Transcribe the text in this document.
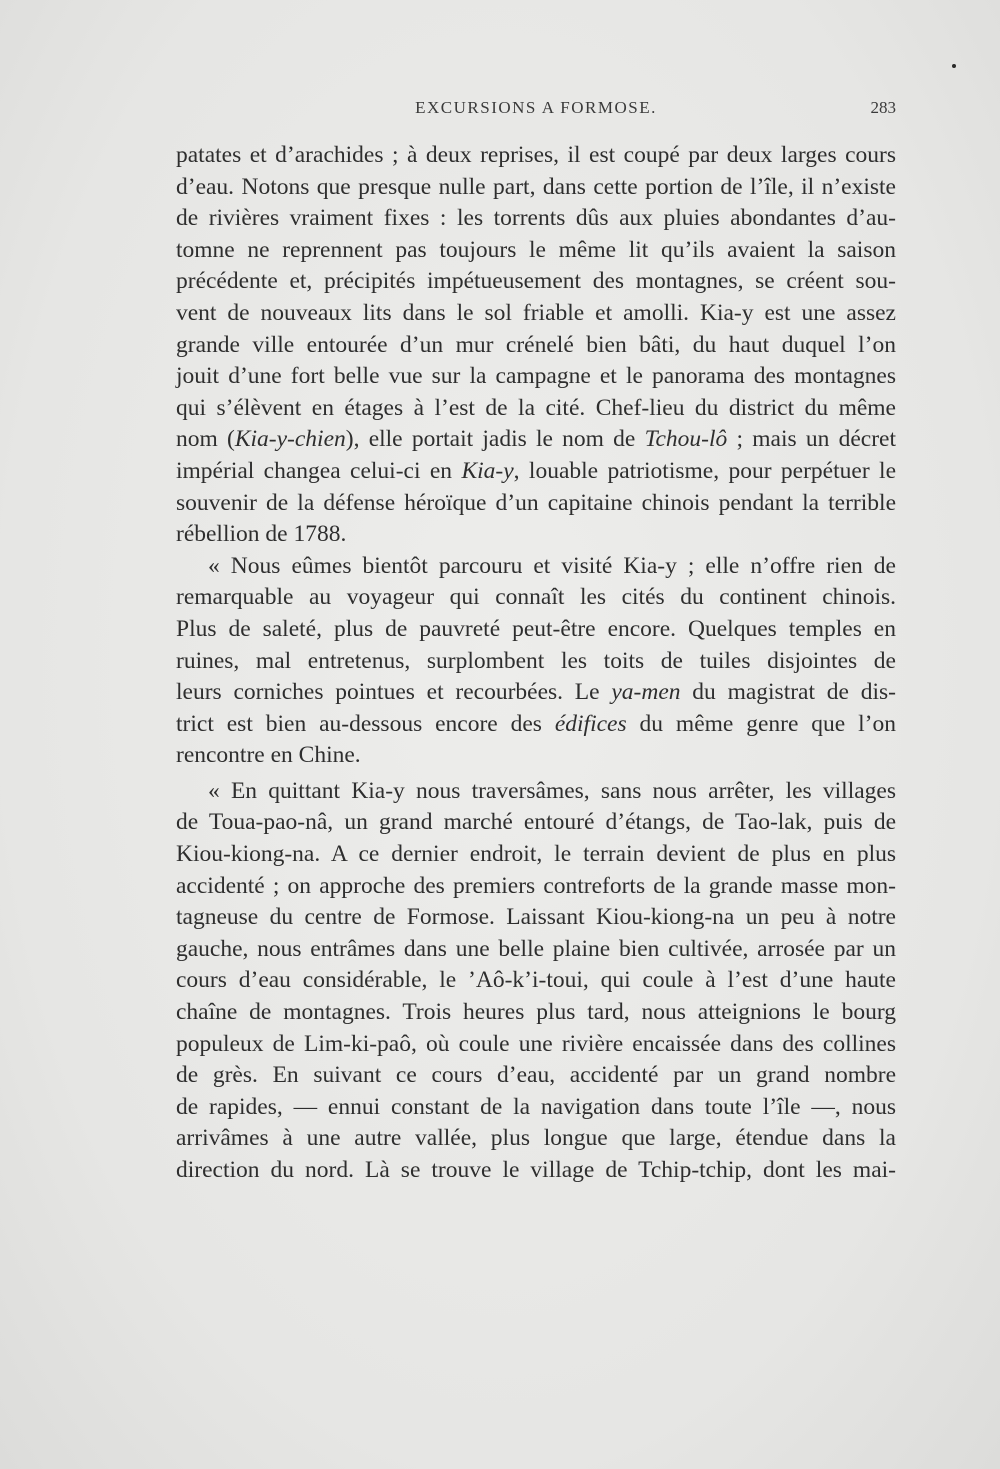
EXCURSIONS A FORMOSE.	283
patates et d’arachides ; à deux reprises, il est coupé par deux larges cours
d’eau. Notons que presque nulle part, dans cette portion de l’île, il n’existe
de rivières vraiment fixes : les torrents dûs aux pluies abondantes d’au-
tomne ne reprennent pas toujours le même lit qu’ils avaient la saison
précédente et, précipités impétueusement des montagnes, se créent sou-
vent de nouveaux lits dans le sol friable et amolli. Kia-y est une assez
grande ville entourée d’un mur crénelé bien bâti, du haut duquel l’on
jouit d’une fort belle vue sur la campagne et le panorama des montagnes
qui s’élèvent en étages à l’est de la cité. Chef-lieu du district du même
nom (Kia-y-chien), elle portait jadis le nom de Tchou-lô ; mais un décret
impérial changea celui-ci en Kia-y, louable patriotisme, pour perpétuer le
souvenir de la défense héroïque d’un capitaine chinois pendant la terrible
rébellion de 1788.
« Nous eûmes bientôt parcouru et visité Kia-y ; elle n’offre rien de
remarquable au voyageur qui connaît les cités du continent chinois.
Plus de saleté, plus de pauvreté peut-être encore. Quelques temples en
ruines, mal entretenus, surplombent les toits de tuiles disjointes de
leurs corniches pointues et recourbées. Le ya-men du magistrat de dis-
trict est bien au-dessous encore des édifices du même genre que l’on
rencontre en Chine.
« En quittant Kia-y nous traversâmes, sans nous arrêter, les villages
de Toua-pao-nâ, un grand marché entouré d’étangs, de Tao-lak, puis de
Kiou-kiong-na. A ce dernier endroit, le terrain devient de plus en plus
accidenté ; on approche des premiers contreforts de la grande masse mon-
tagneuse du centre de Formose. Laissant Kiou-kiong-na un peu à notre
gauche, nous entrâmes dans une belle plaine bien cultivée, arrosée par un
cours d’eau considérable, le ’Aô-k’i-toui, qui coule à l’est d’une haute
chaîne de montagnes. Trois heures plus tard, nous atteignions le bourg
populeux de Lim-ki-paô, où coule une rivière encaissée dans des collines
de grès. En suivant ce cours d’eau, accidenté par un grand nombre
de rapides, — ennui constant de la navigation dans toute l’île —, nous
arrivâmes à une autre vallée, plus longue que large, étendue dans la
direction du nord. Là se trouve le village de Tchip-tchip, dont les mai-
